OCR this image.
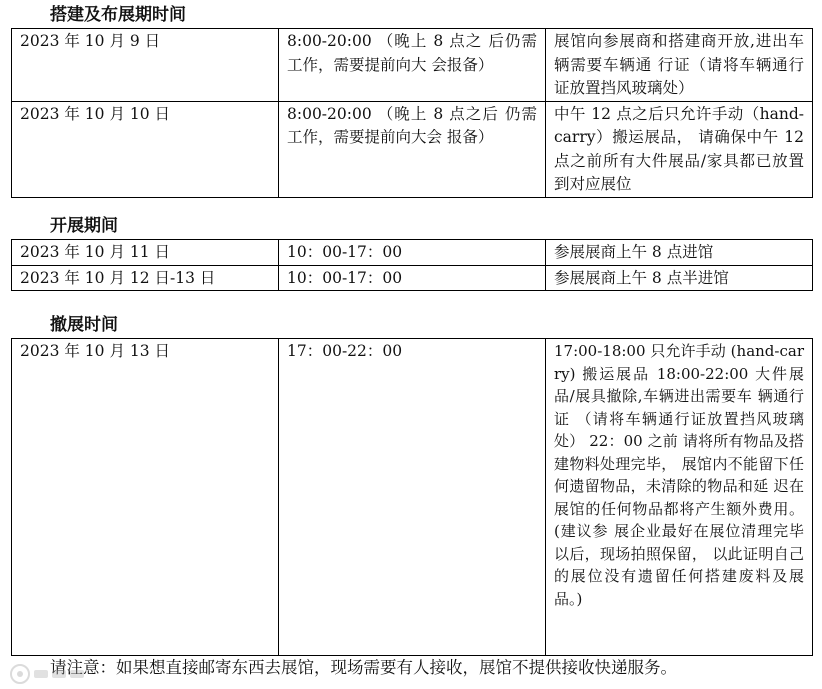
搭建及布展期时间
2023 年 10 月 9 日	8:00-20:00 （晚上 8 点之 后仍需工作，需要提前向大 会报备）	展馆向参展商和搭建商开放,进出车辆需要车辆通 行证（请将车辆通行证放置挡风玻璃处）
2023 年 10 月 10 日	8:00-20:00 （晚上 8 点之后 仍需工作，需要提前向大会 报备）	中午 12 点之后只允许手动（hand-carry）搬运展品， 请确保中午 12 点之前所有大件展品/家具都已放置 到对应展位
开展期间
2023 年 10 月 11 日	10：00-17：00	参展展商上午 8 点进馆
2023 年 10 月 12 日-13 日	10：00-17：00	参展展商上午 8 点半进馆
撤展时间
2023 年 10 月 13 日	17：00-22：00	17:00-18:00 只允许手动 (hand-carry) 搬运展品 18:00-22:00 大件展品/展具撤除,车辆进出需要车 辆通行证 （请将车辆通行证放置挡风玻璃处） 22：00 之前 请将所有物品及搭建物料处理完毕， 展馆内不能留下任何遗留物品，未清除的物品和延 迟在展馆的任何物品都将产生额外费用。 (建议参 展企业最好在展位清理完毕以后，现场拍照保留， 以此证明自己的展位没有遗留任何搭建废料及展品。)
请注意：如果想直接邮寄东西去展馆，现场需要有人接收，展馆不提供接收快递服务。
